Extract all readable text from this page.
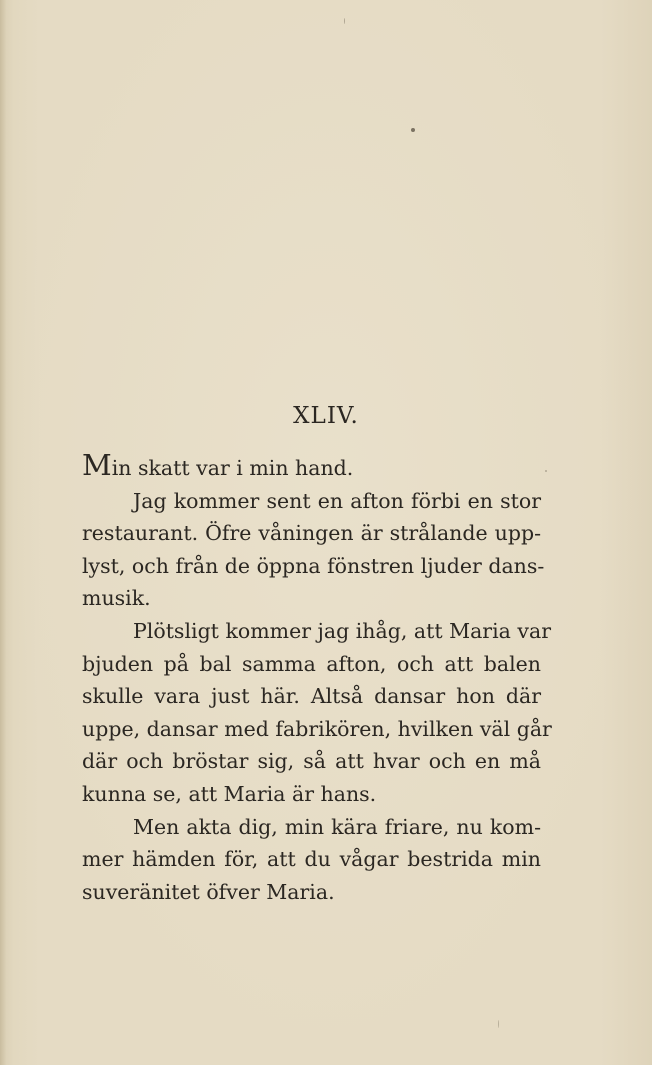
XLIV.
Min skatt var i min hand.
Jag kommer sent en afton förbi en stor
restaurant. Öfre våningen är strålande upp-
lyst, och från de öppna fönstren ljuder dans-
musik.
Plötsligt kommer jag ihåg, att Maria var
bjuden på bal samma afton, och att balen
skulle vara just här. Altså dansar hon där
uppe, dansar med fabrikören, hvilken väl går
där och bröstar sig, så att hvar och en må
kunna se, att Maria är hans.
Men akta dig, min kära friare, nu kom-
mer hämden för, att du vågar bestrida min
suveränitet öfver Maria.
